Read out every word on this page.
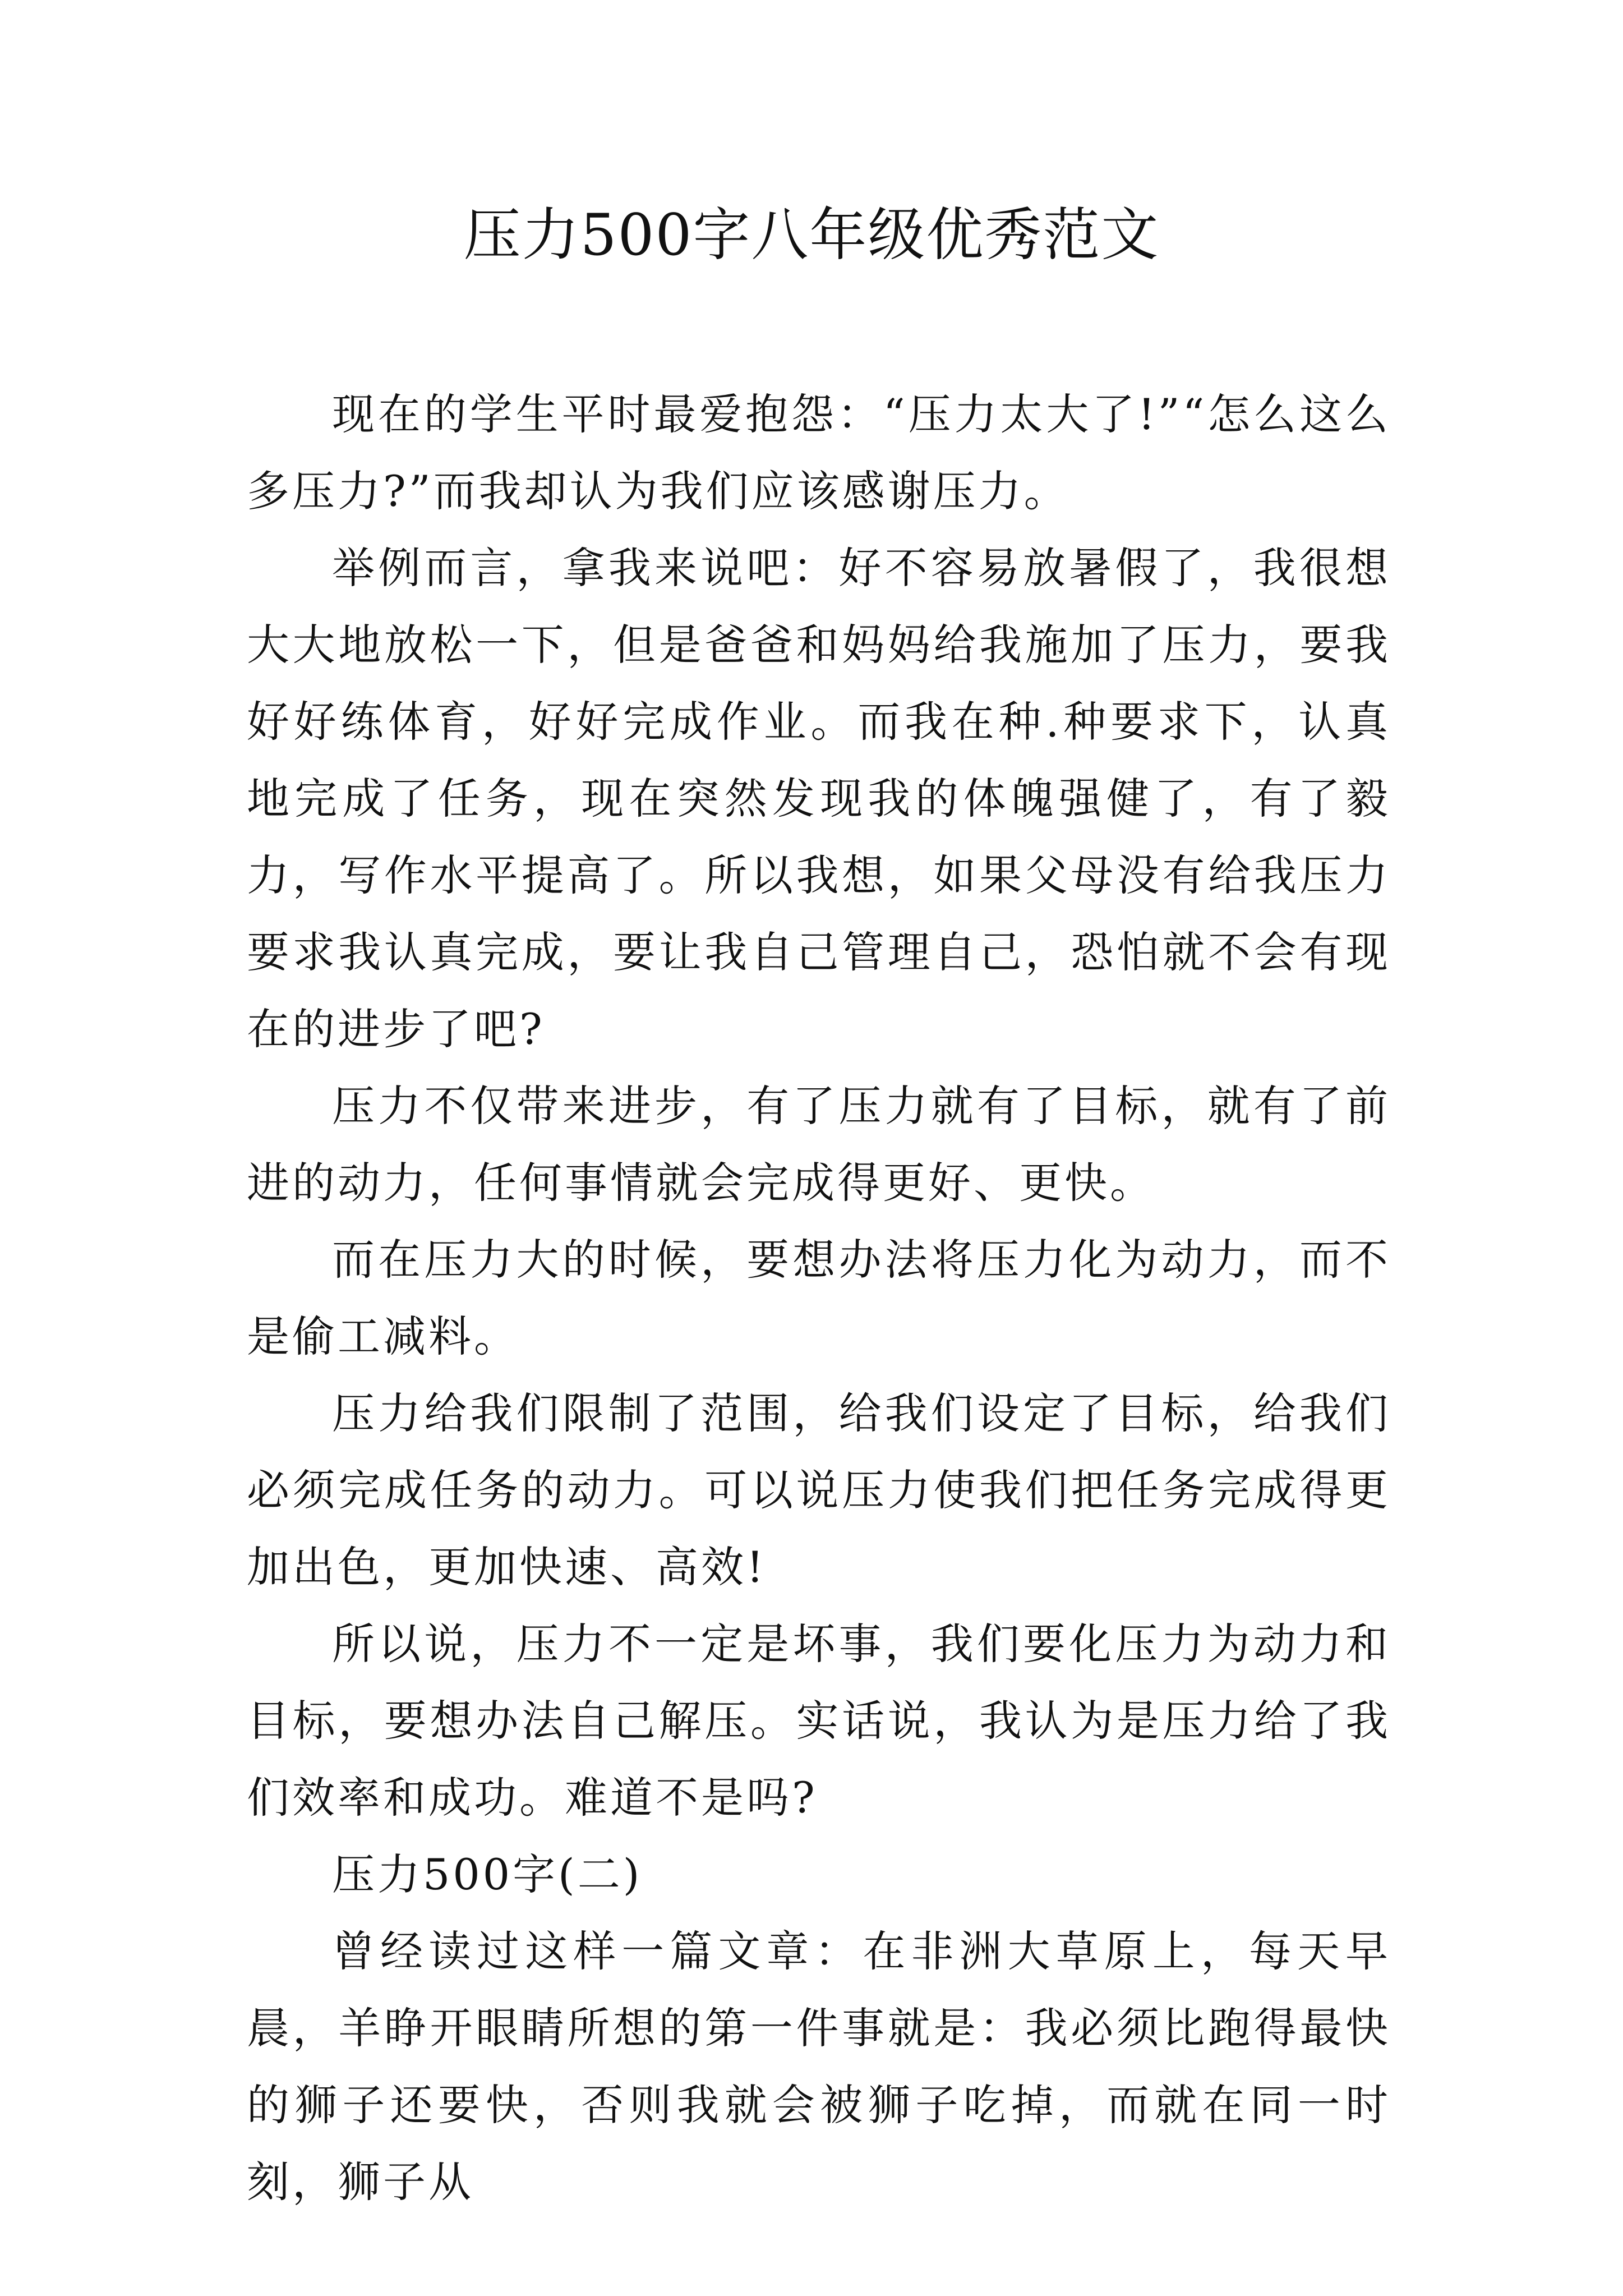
压力500字八年级优秀范文

现在的学生平时最爱抱怨：“压力太大了!”“怎么这么多压力?”而我却认为我们应该感谢压力。

举例而言，拿我来说吧：好不容易放暑假了，我很想大大地放松一下，但是爸爸和妈妈给我施加了压力，要我好好练体育，好好完成作业。而我在种.种要求下，认真地完成了任务，现在突然发现我的体魄强健了，有了毅力，写作水平提高了。所以我想，如果父母没有给我压力要求我认真完成，要让我自己管理自己，恐怕就不会有现在的进步了吧?

压力不仅带来进步，有了压力就有了目标，就有了前进的动力，任何事情就会完成得更好、更快。

而在压力大的时候，要想办法将压力化为动力，而不是偷工减料。

压力给我们限制了范围，给我们设定了目标，给我们必须完成任务的动力。可以说压力使我们把任务完成得更加出色，更加快速、高效!

所以说，压力不一定是坏事，我们要化压力为动力和目标，要想办法自己解压。实话说，我认为是压力给了我们效率和成功。难道不是吗?

压力500字(二)

曾经读过这样一篇文章：在非洲大草原上，每天早晨，羊睁开眼睛所想的第一件事就是：我必须比跑得最快的狮子还要快，否则我就会被狮子吃掉，而就在同一时刻，狮子从
